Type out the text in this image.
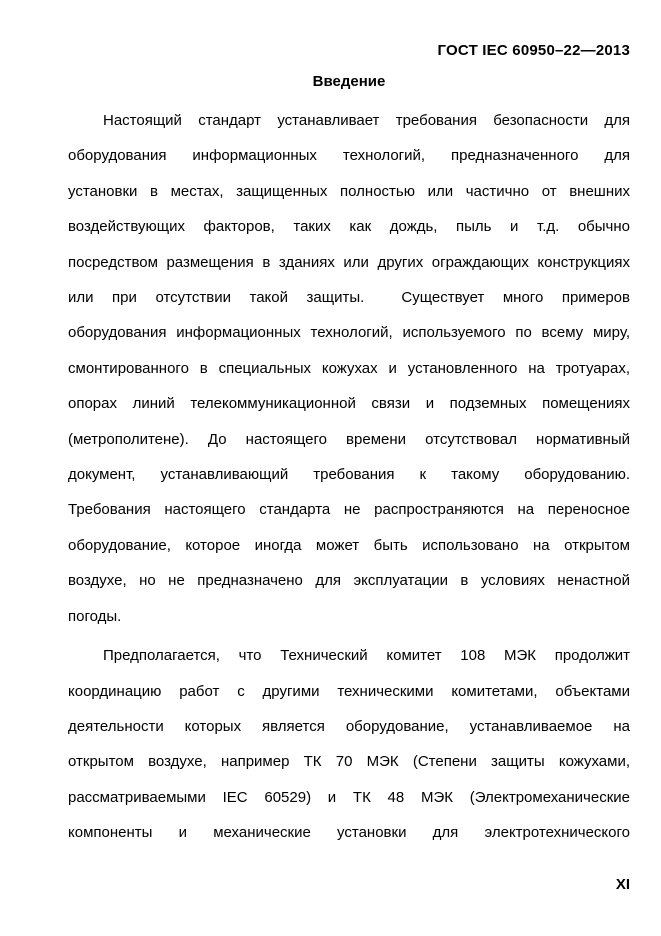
ГОСТ IEC 60950–22—2013
Введение

Настоящий стандарт устанавливает требования безопасности для
оборудования информационных технологий, предназначенного для
установки в местах, защищенных полностью или частично от внешних
воздействующих факторов, таких как дождь, пыль и т.д. обычно
посредством размещения в зданиях или других ограждающих конструкциях
или при отсутствии такой защиты.  Существует много примеров
оборудования информационных технологий, используемого по всему миру,
смонтированного в специальных кожухах и установленного на тротуарах,
опорах линий телекоммуникационной связи и подземных помещениях
(метрополитене). До настоящего времени отсутствовал нормативный
документ, устанавливающий требования к такому оборудованию.
Требования настоящего стандарта не распространяются на переносное
оборудование, которое иногда может быть использовано на открытом
воздухе, но не предназначено для эксплуатации в условиях ненастной
погоды.

Предполагается, что Технический комитет 108 МЭК продолжит
координацию работ с другими техническими комитетами, объектами
деятельности которых является оборудование, устанавливаемое на
открытом воздухе, например ТК 70 МЭК (Степени защиты кожухами,
рассматриваемыми IEC 60529) и ТК 48 МЭК (Электромеханические
компоненты и механические установки для электротехнического

XI
